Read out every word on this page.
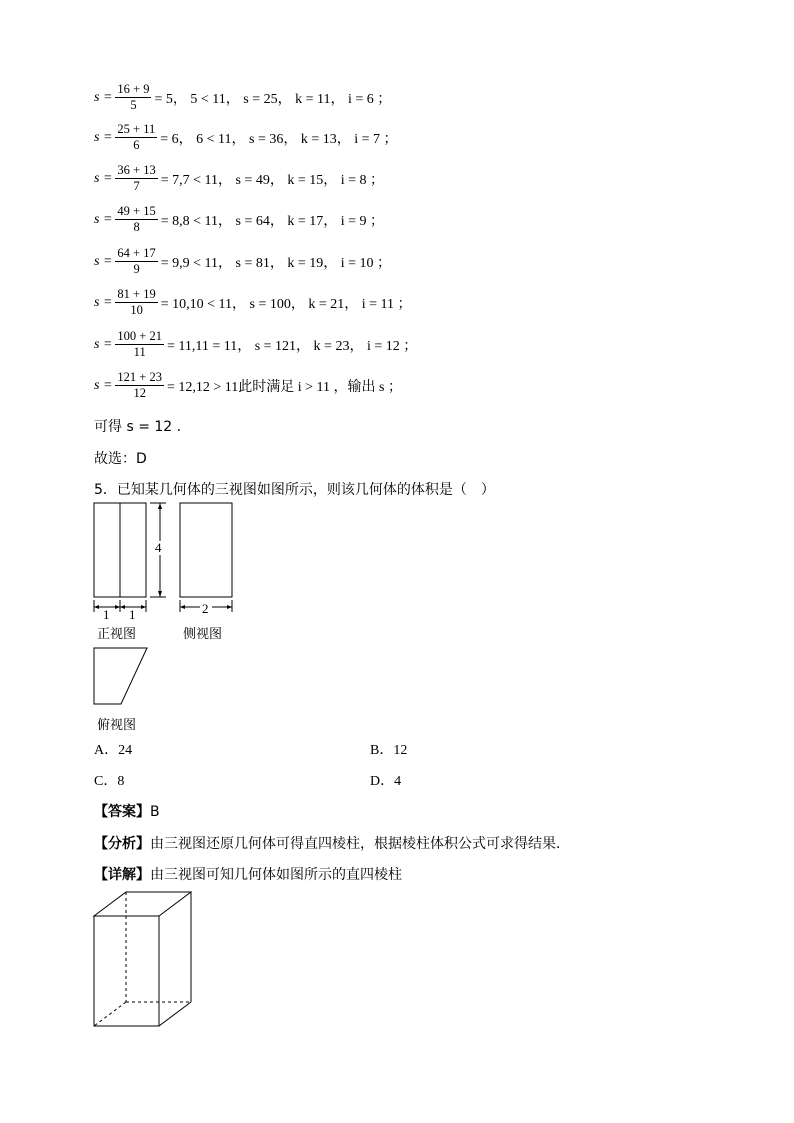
$s = \frac{16 + 9}{5} = 5$， 5 < 11， s = 25， k = 11， i = 6 ；
$s = \frac{25 + 11}{6} = 6$， 6 < 11， s = 36， k = 13， i = 7 ；
$s = \frac{36 + 13}{7} = 7,7 < 11$， s = 49， k = 15， i = 8 ；
$s = \frac{49 + 15}{8} = 8,8 < 11$， s = 64， k = 17， i = 9 ；
$s = \frac{64 + 17}{9} = 9,9 < 11$， s = 81， k = 19， i = 10 ；
$s = \frac{81 + 19}{10} = 10,10 < 11$， s = 100， k = 21， i = 11 ；
$s = \frac{100 + 21}{11} = 11,11 = 11$， s = 121， k = 23， i = 12 ；
$s = \frac{121 + 23}{12} = 12,12 > 11$此时满足 i > 11 ，输出 s ；
可得 s = 12 .
故选：D
5．已知某几何体的三视图如图所示，则该几何体的体积是（　）
4
1 1
正视图
2
侧视图
俯视图
A．24	B．12
C．8	D．4
【答案】B
【分析】由三视图还原几何体可得直四棱柱，根据棱柱体积公式可求得结果.
【详解】由三视图可知几何体如图所示的直四棱柱
